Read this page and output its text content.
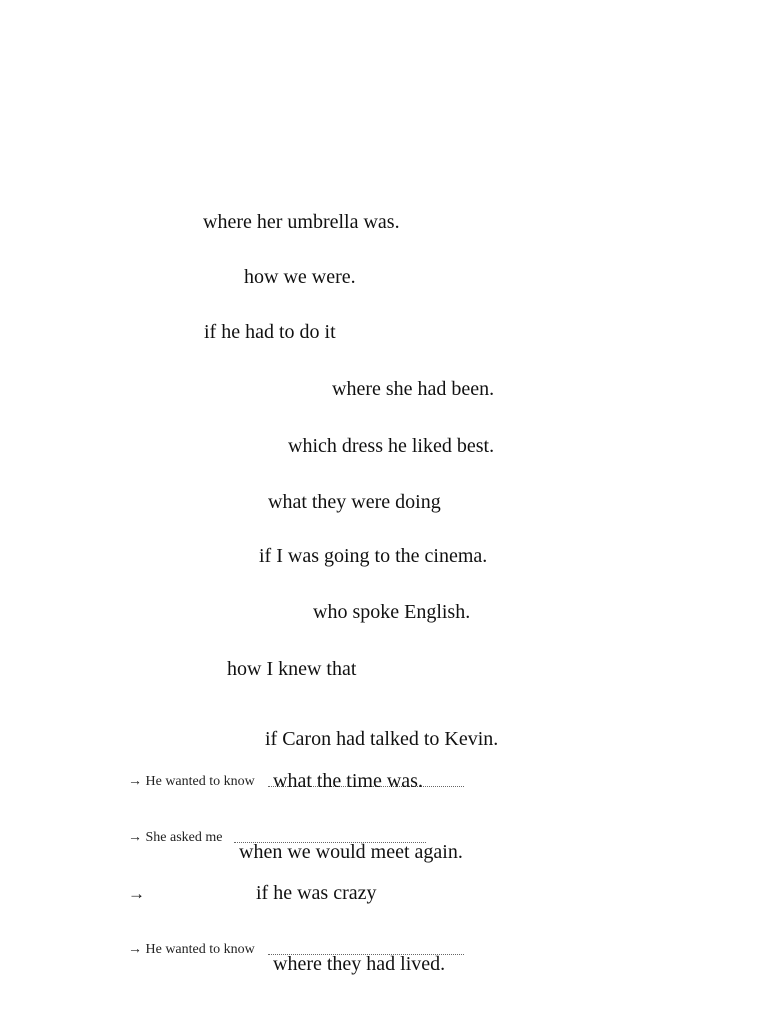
where her umbrella was.
how we were.
if he had to do it
where she had been.
which dress he liked best.
what they were doing
if I was going to the cinema.
who spoke English.
how I knew that
if Caron had talked to Kevin.
→ He wanted to know what the time was.
→ She asked me
when we would meet again.
→	if he was crazy
→ He wanted to know
where they had lived.
